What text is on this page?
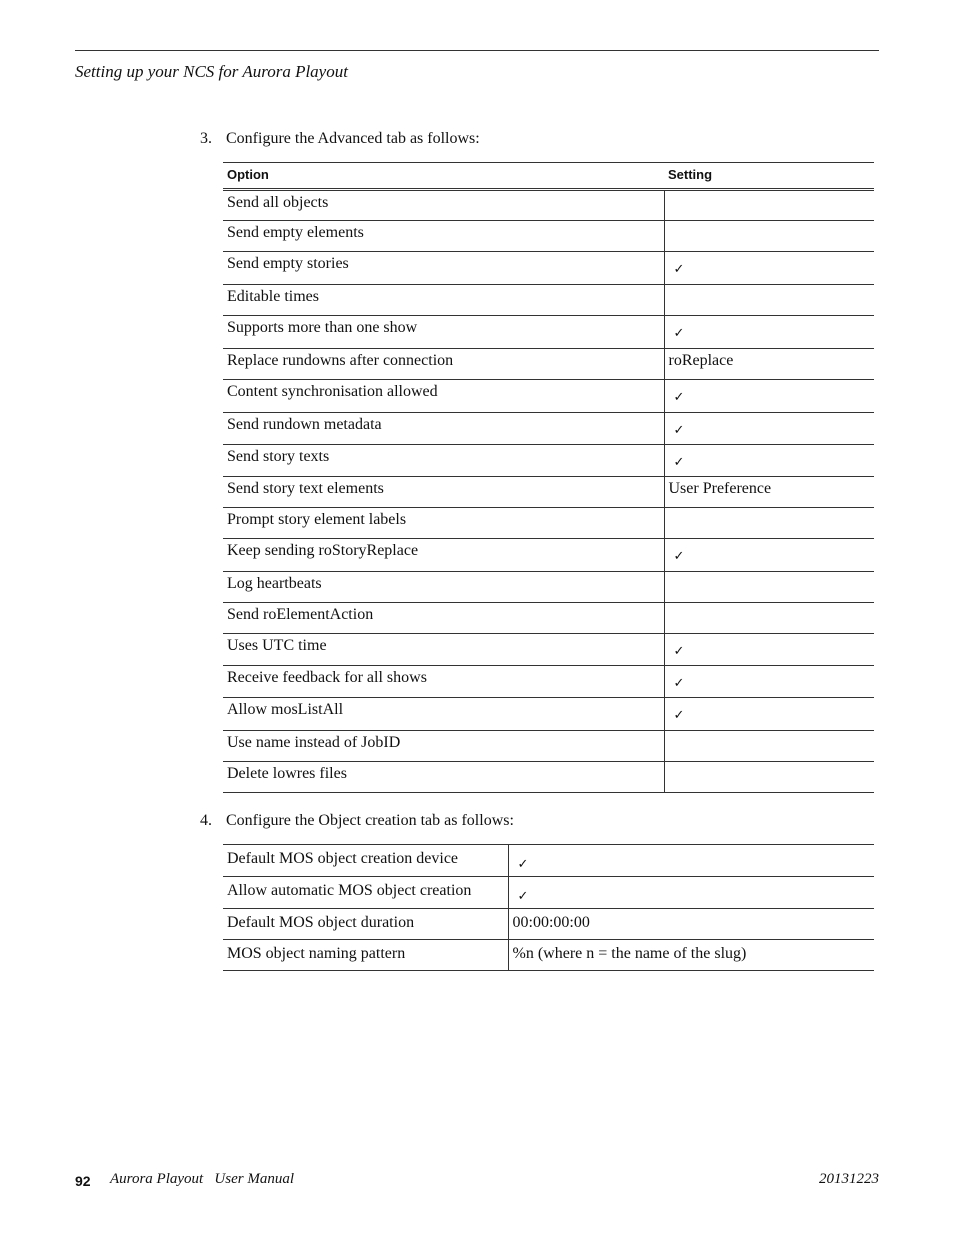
Setting up your NCS for Aurora Playout
3. Configure the Advanced tab as follows:
Option	Setting
Send all objects	
Send empty elements	
Send empty stories	✓
Editable times	
Supports more than one show	✓
Replace rundowns after connection	roReplace
Content synchronisation allowed	✓
Send rundown metadata	✓
Send story texts	✓
Send story text elements	User Preference
Prompt story element labels	
Keep sending roStoryReplace	✓
Log heartbeats	
Send roElementAction	
Uses UTC time	✓
Receive feedback for all shows	✓
Allow mosListAll	✓
Use name instead of JobID	
Delete lowres files	
4. Configure the Object creation tab as follows:
Default MOS object creation device	✓
Allow automatic MOS object creation	✓
Default MOS object duration	00:00:00:00
MOS object naming pattern	%n (where n = the name of the slug)
92 Aurora Playout   User Manual	20131223
